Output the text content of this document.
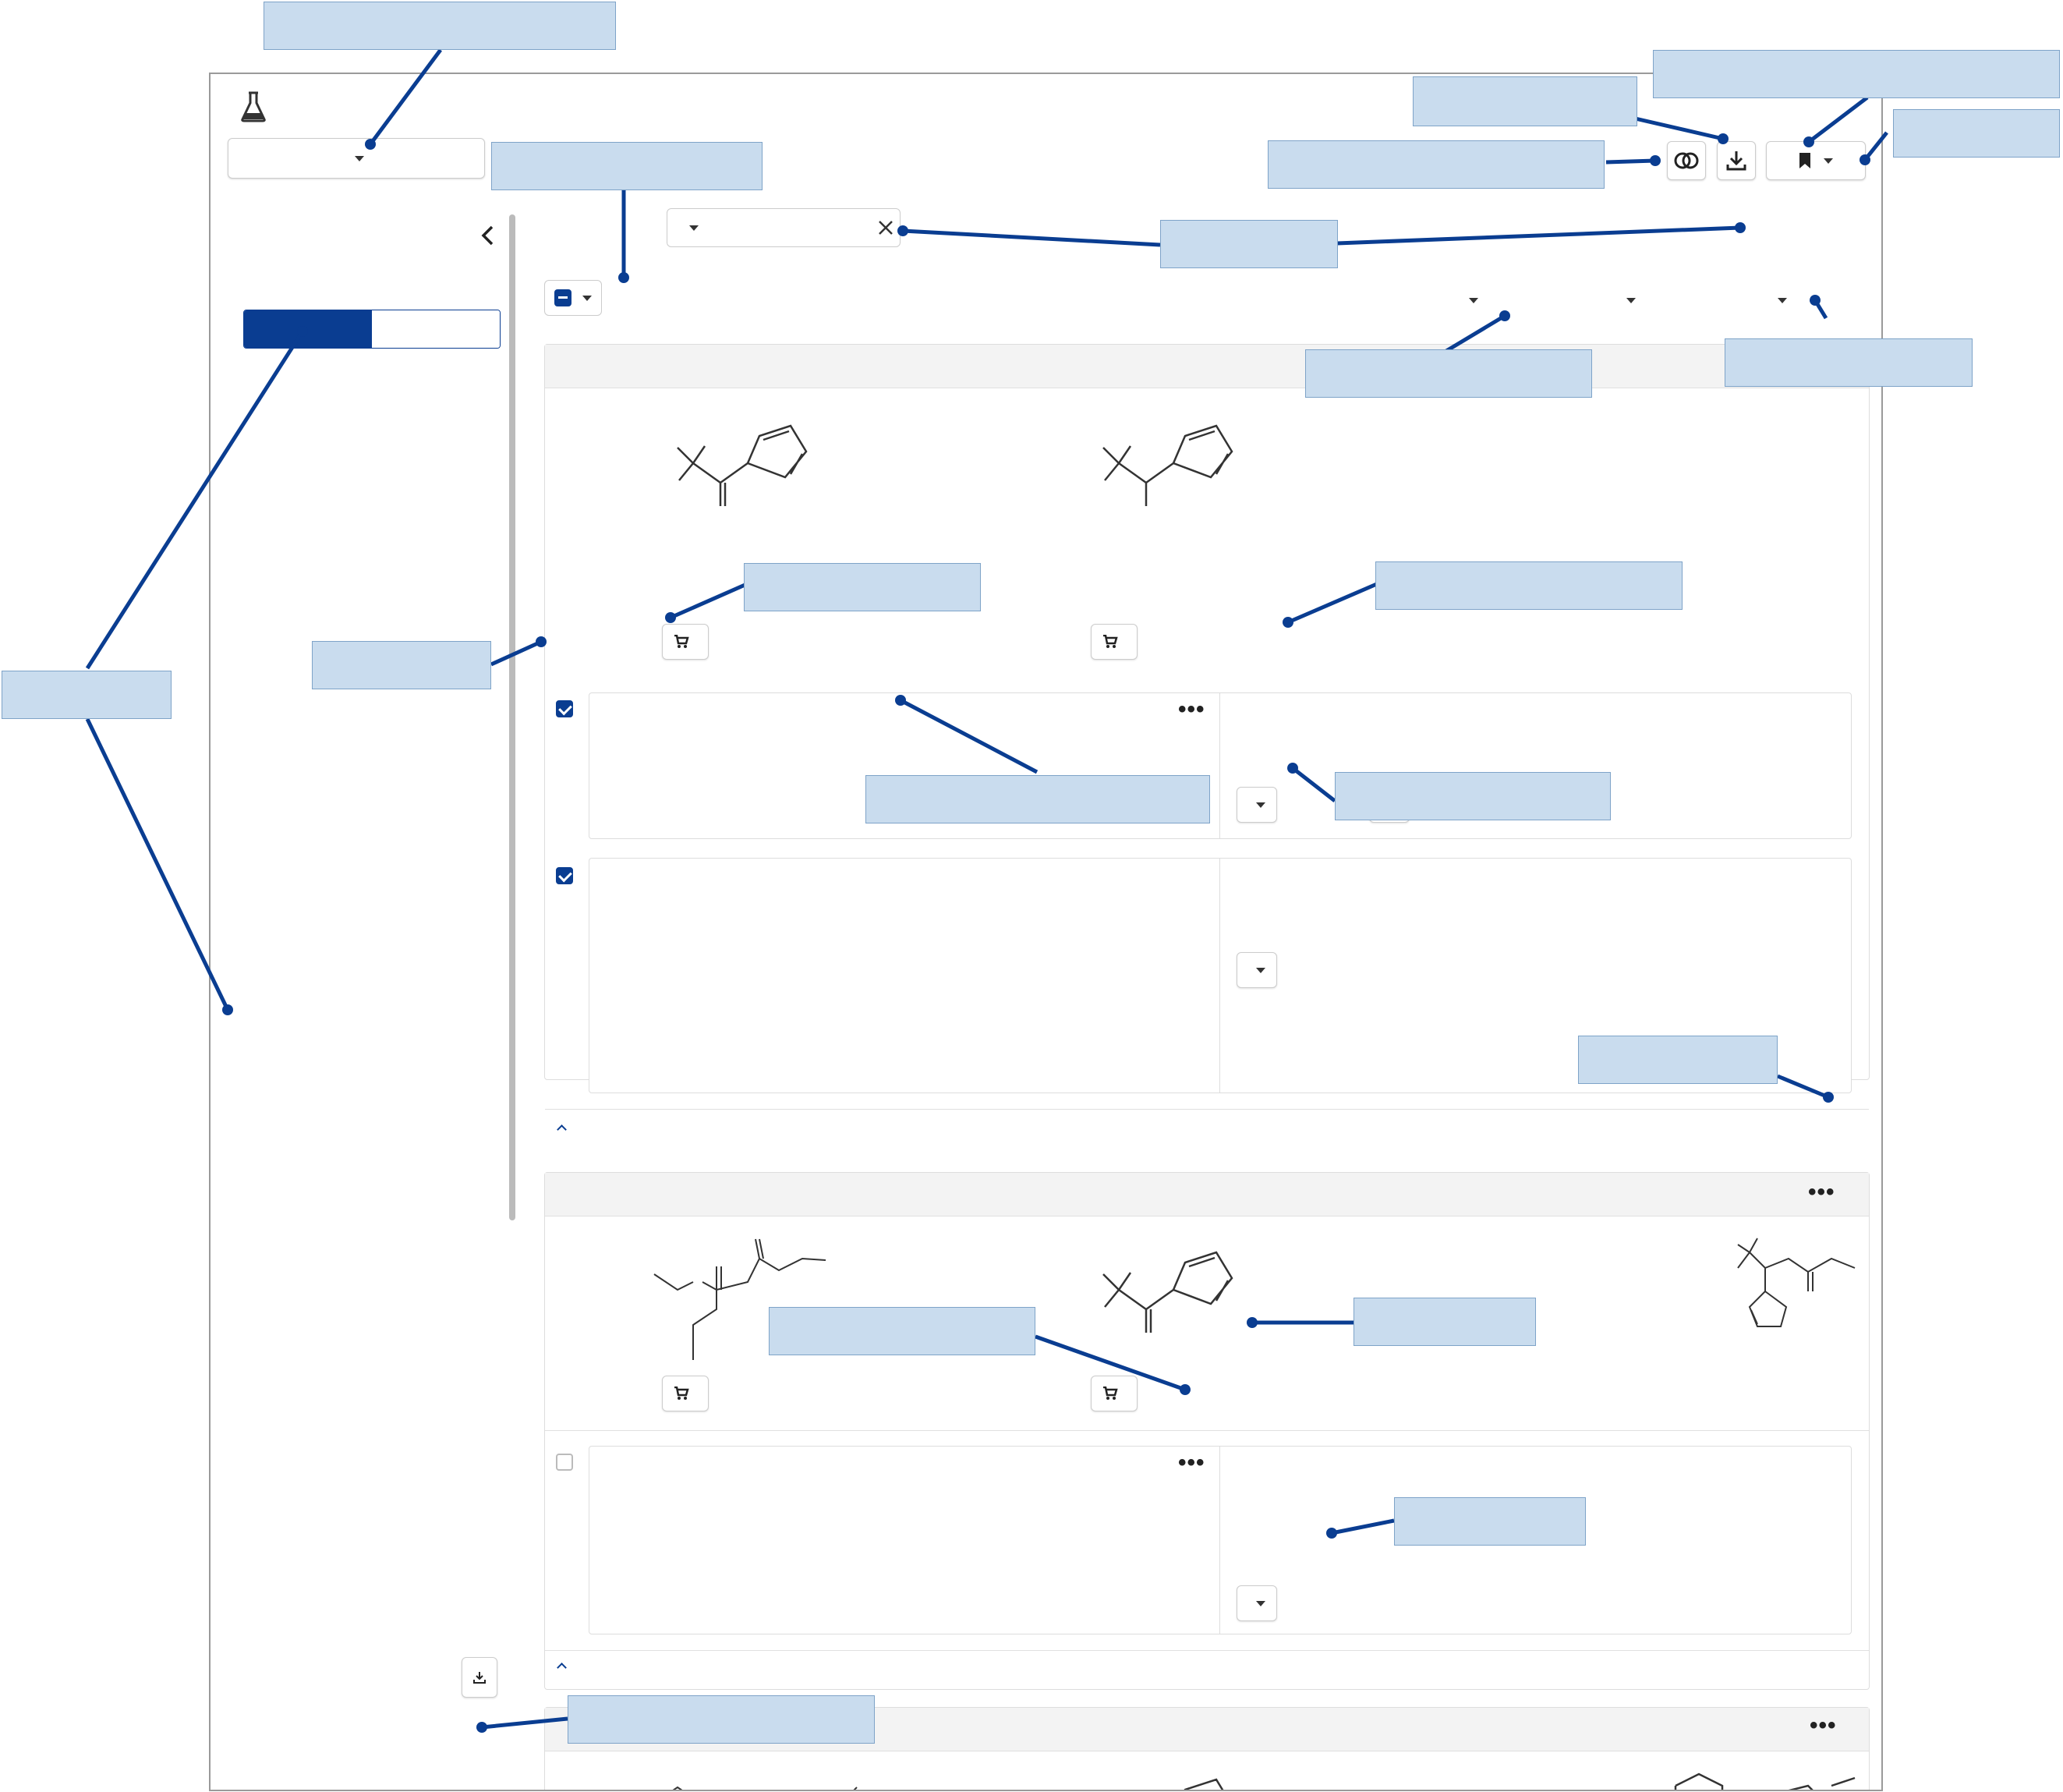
•••

•••
•••

•••
